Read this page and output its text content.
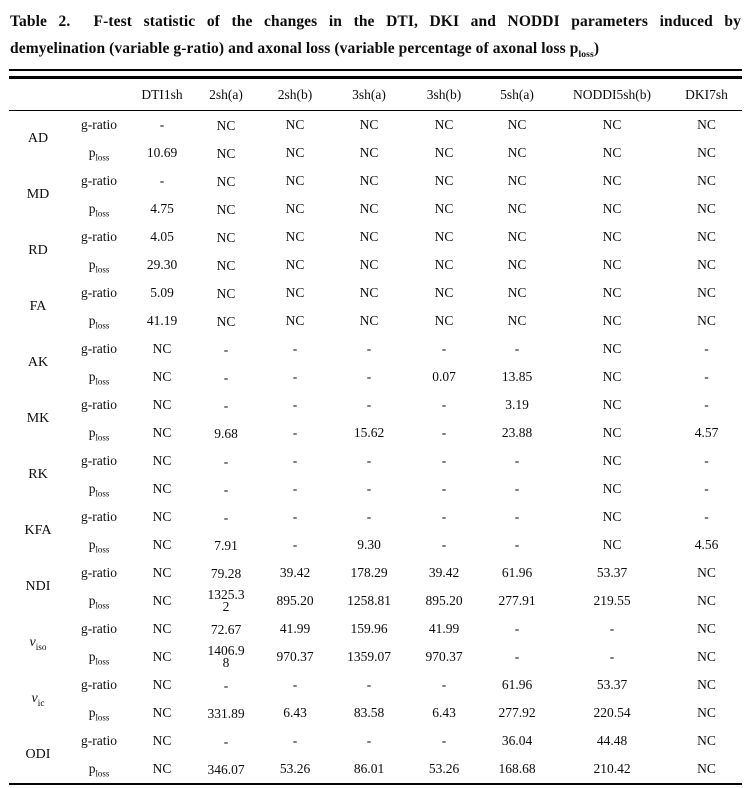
Table 2.  F-test statistic of the changes in the DTI, DKI and NODDI parameters induced by
demyelination (variable g-ratio) and axonal loss (variable percentage of axonal loss $p_{loss}$)
		DTI1sh	2sh(a)	2sh(b)	3sh(a)	3sh(b)	5sh(a)	NODDI5sh(b)	DKI7sh
AD	g-ratio	-	NC	NC	NC	NC	NC	NC	NC
	$p_{loss}$	10.69	NC	NC	NC	NC	NC	NC	NC
MD	g-ratio	-	NC	NC	NC	NC	NC	NC	NC
	$p_{loss}$	4.75	NC	NC	NC	NC	NC	NC	NC
RD	g-ratio	4.05	NC	NC	NC	NC	NC	NC	NC
	$p_{loss}$	29.30	NC	NC	NC	NC	NC	NC	NC
FA	g-ratio	5.09	NC	NC	NC	NC	NC	NC	NC
	$p_{loss}$	41.19	NC	NC	NC	NC	NC	NC	NC
AK	g-ratio	NC	-	-	-	-	-	NC	-
	$p_{loss}$	NC	-	-	-	0.07	13.85	NC	-
MK	g-ratio	NC	-	-	-	-	3.19	NC	-
	$p_{loss}$	NC	9.68	-	15.62	-	23.88	NC	4.57
RK	g-ratio	NC	-	-	-	-	-	NC	-
	$p_{loss}$	NC	-	-	-	-	-	NC	-
KFA	g-ratio	NC	-	-	-	-	-	NC	-
	$p_{loss}$	NC	7.91	-	9.30	-	-	NC	4.56
NDI	g-ratio	NC	79.28	39.42	178.29	39.42	61.96	53.37	NC
	$p_{loss}$	NC	1325.32	895.20	1258.81	895.20	277.91	219.55	NC
$v_{iso}$	g-ratio	NC	72.67	41.99	159.96	41.99	-	-	NC
	$p_{loss}$	NC	1406.98	970.37	1359.07	970.37	-	-	NC
$v_{ic}$	g-ratio	NC	-	-	-	-	61.96	53.37	NC
	$p_{loss}$	NC	331.89	6.43	83.58	6.43	277.92	220.54	NC
ODI	g-ratio	NC	-	-	-	-	36.04	44.48	NC
	$p_{loss}$	NC	346.07	53.26	86.01	53.26	168.68	210.42	NC
